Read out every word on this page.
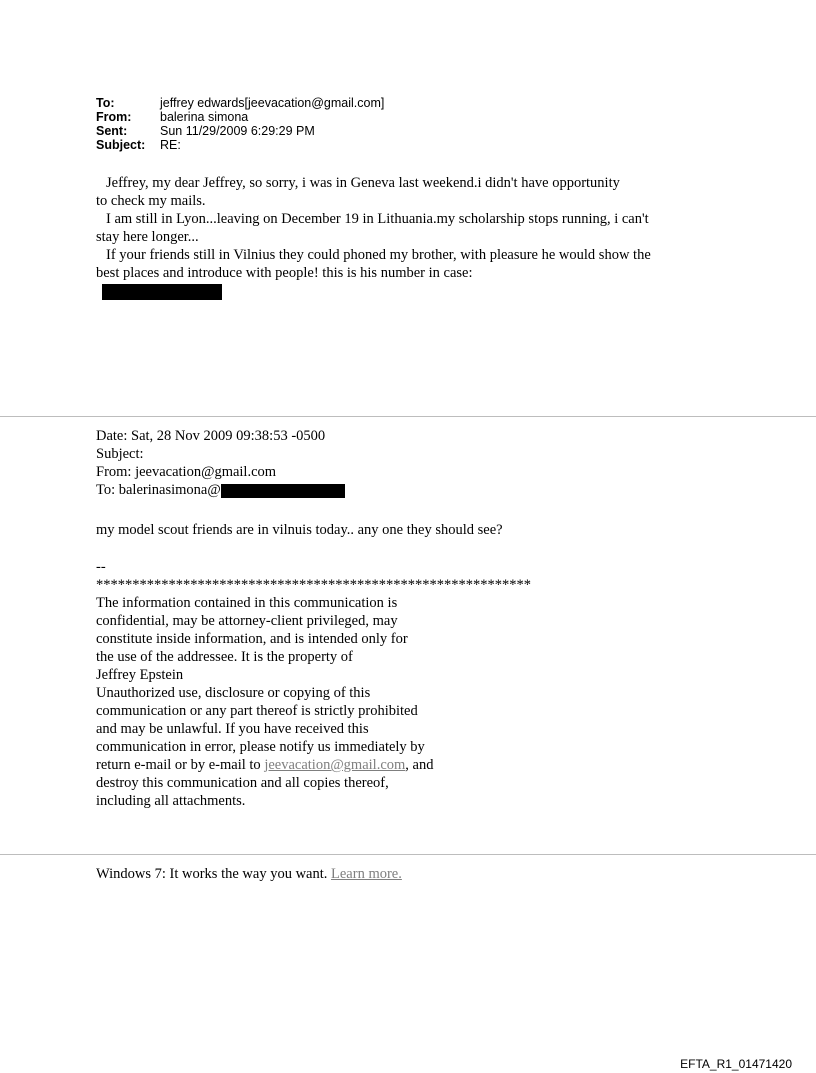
To:	jeffrey edwards[jeevacation@gmail.com]
From:	balerina simona
Sent:	Sun 11/29/2009 6:29:29 PM
Subject:	RE:

Jeffrey, my dear Jeffrey, so sorry, i was in Geneva last weekend.i didn't have opportunity

to check my mails.

I am still in Lyon...leaving on December 19 in Lithuania.my scholarship stops running, i can't

stay here longer...

If your friends still in Vilnius they could phoned my brother, with pleasure he would show the

best places and introduce with people! this is his number in case:

Date: Sat, 28 Nov 2009 09:38:53 -0500
Subject:
From: jeevacation@gmail.com
To: balerinasimona@
my model scout friends are in vilnuis today.. any one they should see?
--
************************************************************
The information contained in this communication is
confidential, may be attorney-client privileged, may
constitute inside information, and is intended only for
the use of the addressee. It is the property of
Jeffrey Epstein
Unauthorized use, disclosure or copying of this
communication or any part thereof is strictly prohibited
and may be unlawful. If you have received this
communication in error, please notify us immediately by
return e-mail or by e-mail to jeevacation@gmail.com, and
destroy this communication and all copies thereof,
including all attachments.
Windows 7: It works the way you want. Learn more.
EFTA_R1_01471420
